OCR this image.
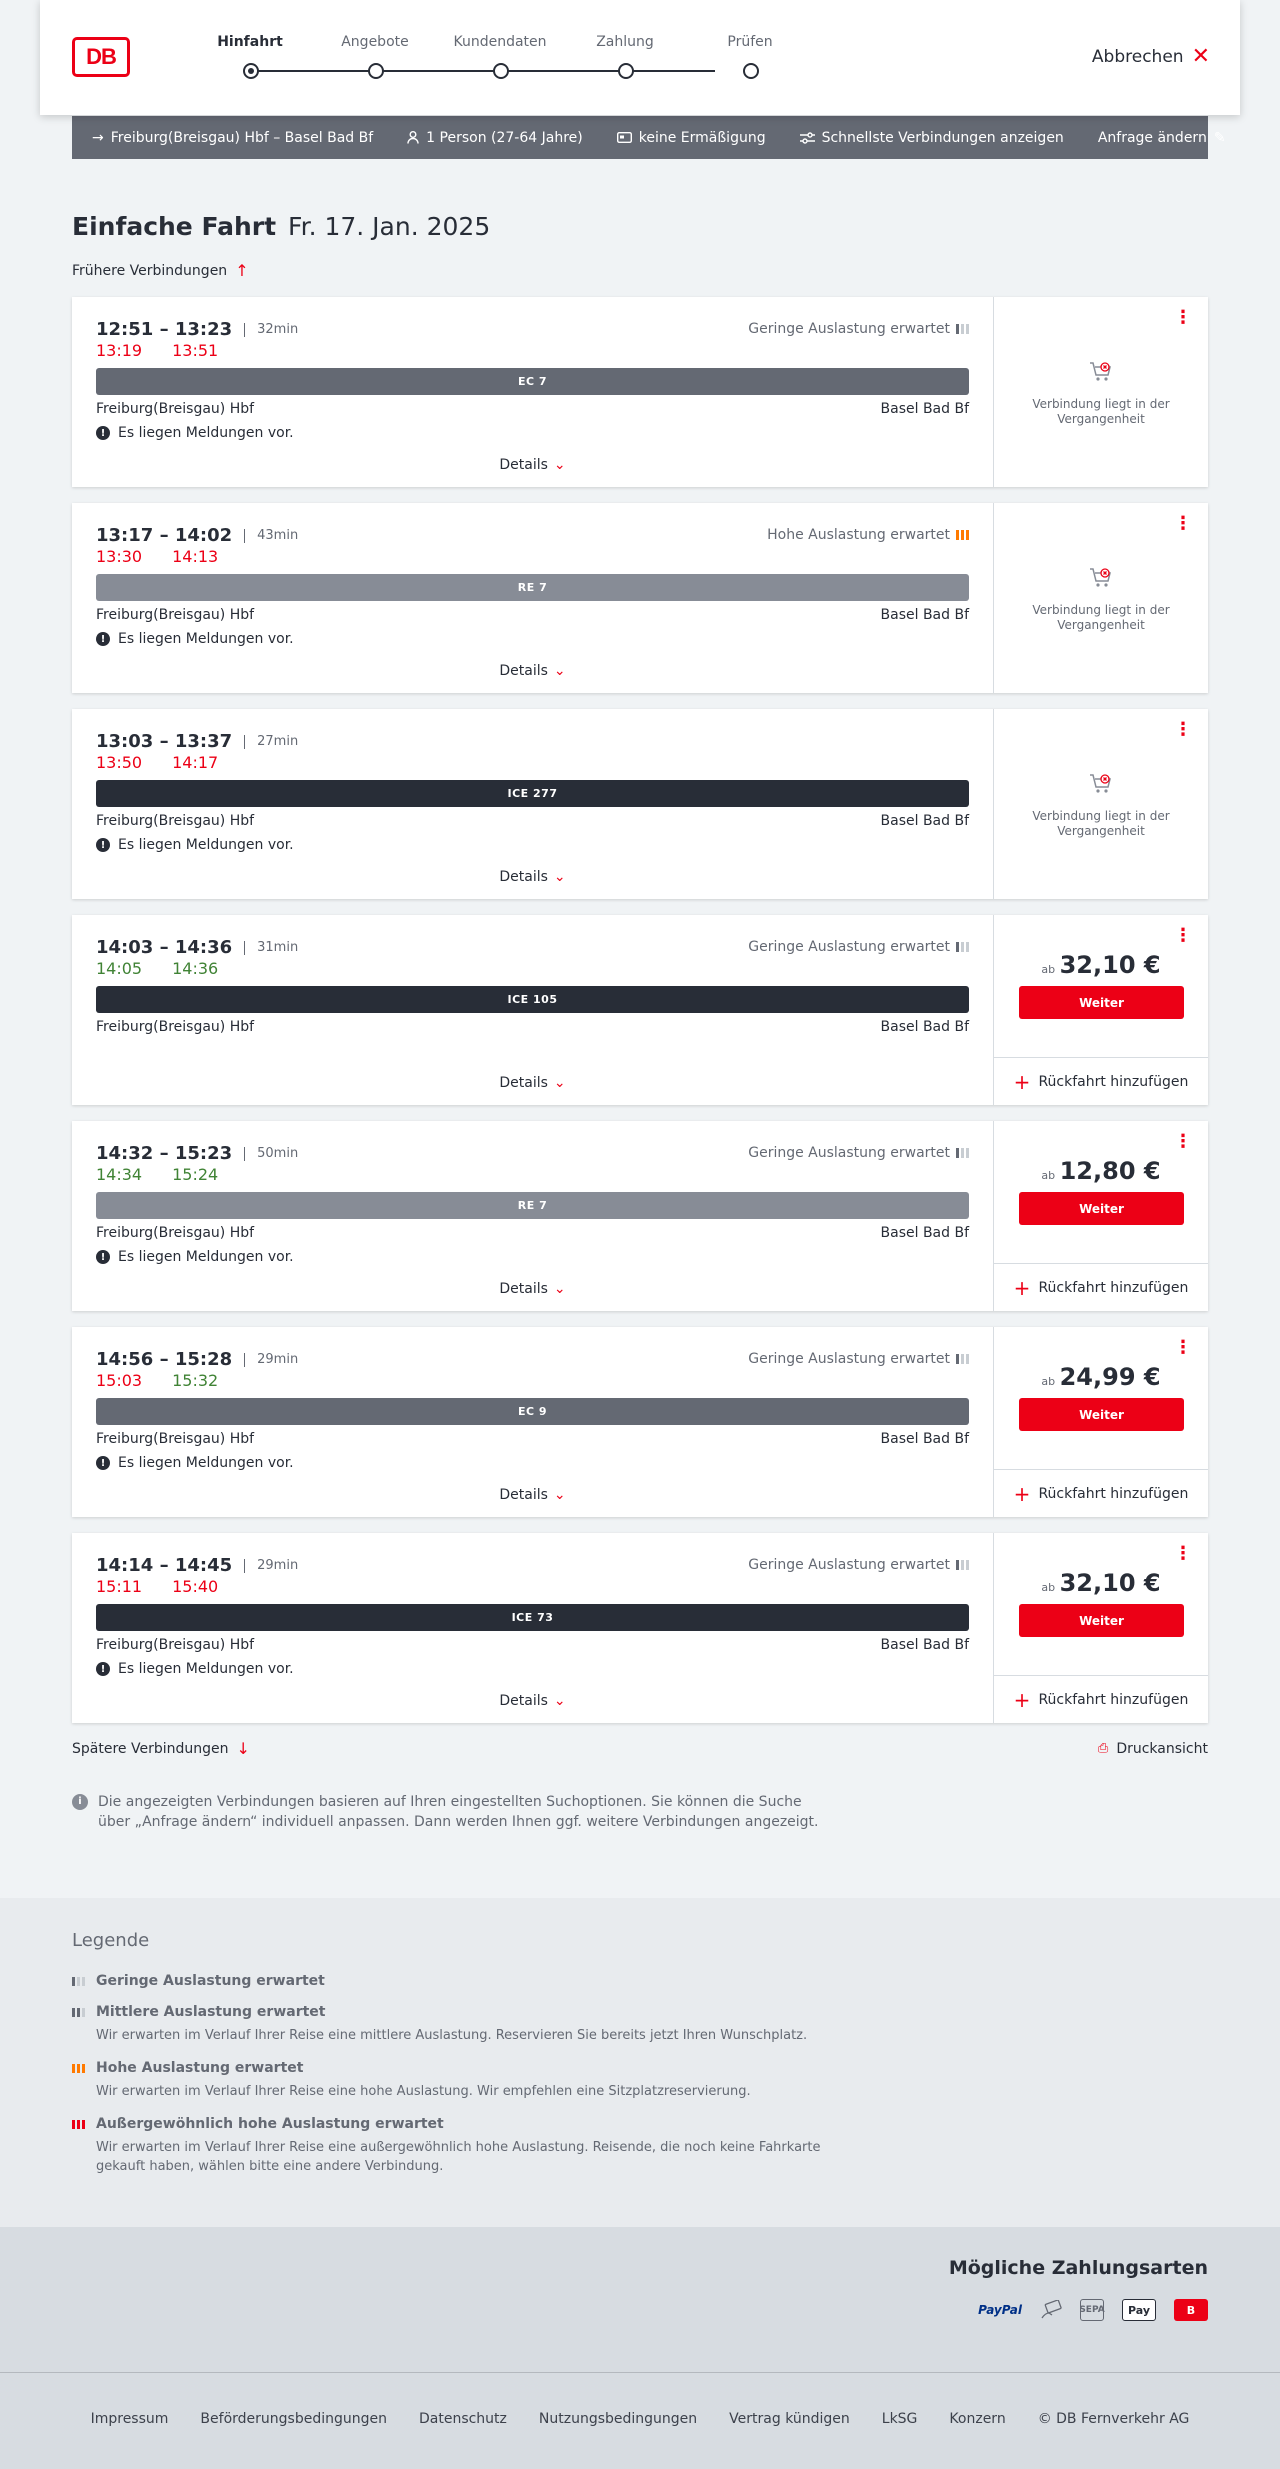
DB
Hinfahrt	Angebote	Kundendaten	Zahlung	Prüfen
Abbrechen ✕
→ Freiburg(Breisgau) Hbf – Basel Bad Bf	1 Person (27-64 Jahre)	keine Ermäßigung	Schnellste Verbindungen anzeigen Anfrage ändern ✎
Einfache Fahrt Fr. 17. Jan. 2025
Frühere Verbindungen ↑
12:51 – 13:23 32min	Geringe Auslastung erwartet
13:19 13:51
EC 7
Freiburg(Breisgau) Hbf	Basel Bad Bf
! Es liegen Meldungen vor.
Details ⌄
⋮
Verbindung liegt in der Vergangenheit
13:17 – 14:02 43min	Hohe Auslastung erwartet
13:30 14:13
RE 7
Freiburg(Breisgau) Hbf	Basel Bad Bf
! Es liegen Meldungen vor.
Details ⌄
⋮
Verbindung liegt in der Vergangenheit
13:03 – 13:37 27min
13:50 14:17
ICE 277
Freiburg(Breisgau) Hbf	Basel Bad Bf
! Es liegen Meldungen vor.
Details ⌄
⋮
Verbindung liegt in der Vergangenheit
14:03 – 14:36 31min	Geringe Auslastung erwartet
14:05 14:36
ICE 105
Freiburg(Breisgau) Hbf	Basel Bad Bf
Details ⌄
⋮
ab 32,10 €
Weiter
+ Rückfahrt hinzufügen
14:32 – 15:23 50min	Geringe Auslastung erwartet
14:34 15:24
RE 7
Freiburg(Breisgau) Hbf	Basel Bad Bf
! Es liegen Meldungen vor.
Details ⌄
⋮
ab 12,80 €
Weiter
+ Rückfahrt hinzufügen
14:56 – 15:28 29min	Geringe Auslastung erwartet
15:03 15:32
EC 9
Freiburg(Breisgau) Hbf	Basel Bad Bf
! Es liegen Meldungen vor.
Details ⌄
⋮
ab 24,99 €
Weiter
+ Rückfahrt hinzufügen
14:14 – 14:45 29min	Geringe Auslastung erwartet
15:11 15:40
ICE 73
Freiburg(Breisgau) Hbf	Basel Bad Bf
! Es liegen Meldungen vor.
Details ⌄
⋮
ab 32,10 €
Weiter
+ Rückfahrt hinzufügen
Spätere Verbindungen ↓	⎙ Druckansicht
i	Die angezeigten Verbindungen basieren auf Ihren eingestellten Suchoptionen. Sie können die Suche über „Anfrage ändern“ individuell anpassen. Dann werden Ihnen ggf. weitere Verbindungen angezeigt.
Legende
Geringe Auslastung erwartet
Mittlere Auslastung erwartet
Wir erwarten im Verlauf Ihrer Reise eine mittlere Auslastung. Reservieren Sie bereits jetzt Ihren Wunschplatz.
Hohe Auslastung erwartet
Wir erwarten im Verlauf Ihrer Reise eine hohe Auslastung. Wir empfehlen eine Sitzplatzreservierung.
Außergewöhnlich hohe Auslastung erwartet
Wir erwarten im Verlauf Ihrer Reise eine außergewöhnlich hohe Auslastung. Reisende, die noch keine Fahrkarte gekauft haben, wählen bitte eine andere Verbindung.
Mögliche Zahlungsarten
PayPal	SEPA	Pay	B
Impressum Beförderungsbedingungen Datenschutz Nutzungsbedingungen Vertrag kündigen LkSG Konzern © DB Fernverkehr AG
